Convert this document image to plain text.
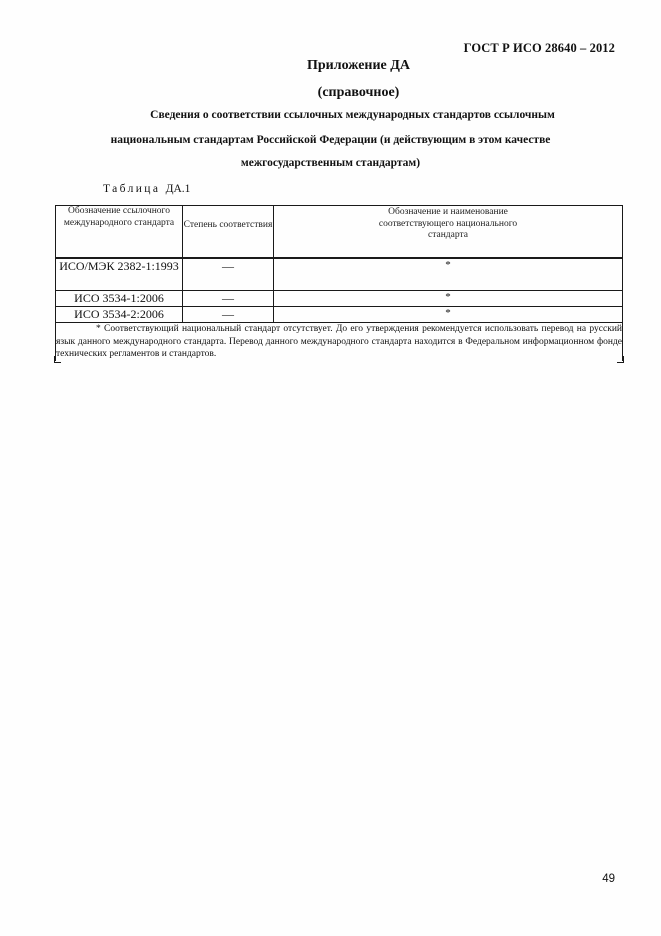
ГОСТ Р ИСО 28640 – 2012
Приложение ДА
(справочное)
Сведения о соответствии ссылочных международных стандартов ссылочным
национальным стандартам Российской Федерации (и действующим в этом качестве
межгосударственным стандартам)
Таблица ДА.1
Обозначение ссылочного международного стандарта	Степень соответствия	Обозначение и наименование соответствующего национального стандарта

ИСО/МЭК 2382-1:1993	—	*
ИСО 3534-1:2006	—	*
ИСО 3534-2:2006	—	*
* Соответствующий национальный стандарт отсутствует. До его утверждения рекомендуется использовать перевод на русский язык данного международного стандарта. Перевод данного международного стандарта находится в Федеральном информационном фонде технических регламентов и стандартов.		
49
